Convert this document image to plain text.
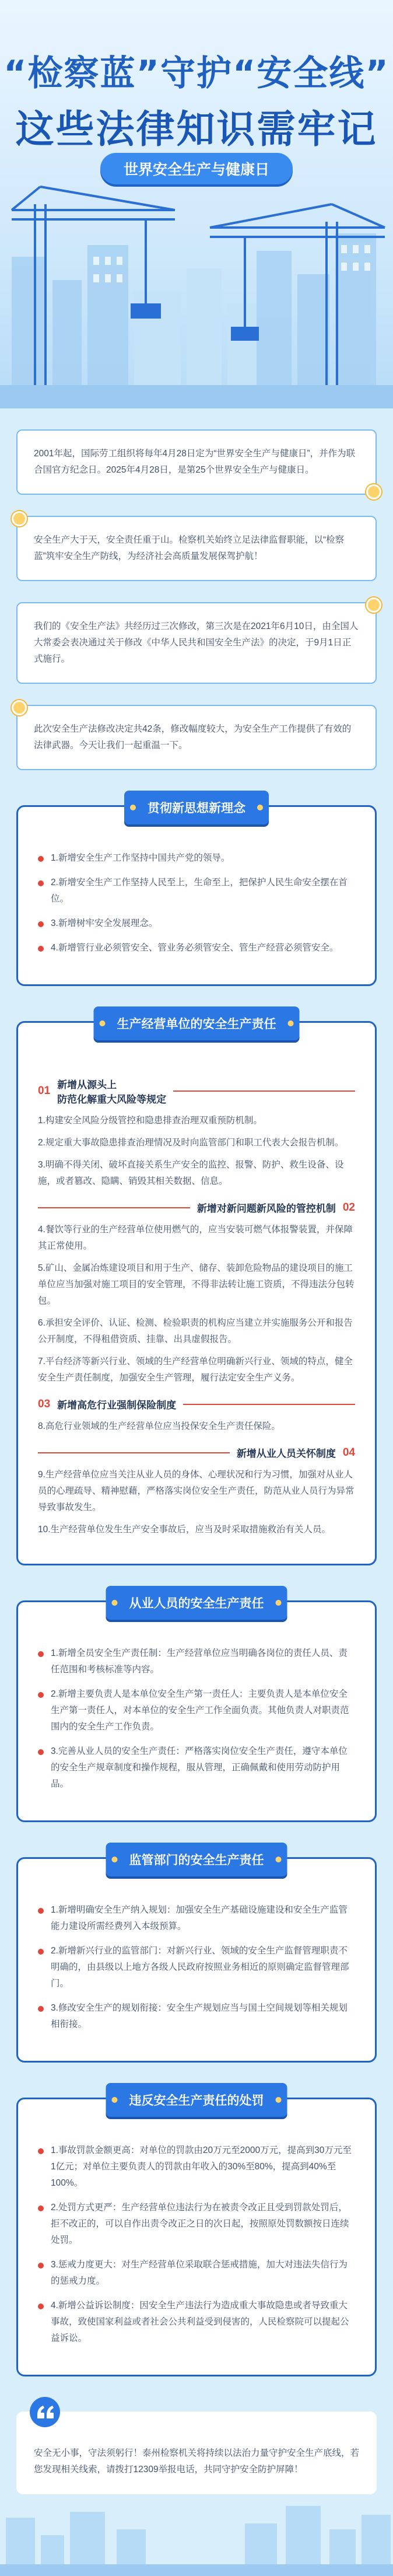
“检察蓝”守护“安全线”
这些法律知识需牢记
世界安全生产与健康日
2001年起，国际劳工组织将每年4月28日定为“世界安全生产与健康日”，并作为联合国官方纪念日。2025年4月28日，是第25个世界安全生产与健康日。
安全生产大于天，安全责任重于山。检察机关始终立足法律监督职能，以“检察蓝”筑牢安全生产防线，为经济社会高质量发展保驾护航！
我们的《安全生产法》共经历过三次修改，第三次是在2021年6月10日，由全国人大常委会表决通过关于修改《中华人民共和国安全生产法》的决定，于9月1日正式施行。
此次安全生产法修改决定共42条，修改幅度较大，为安全生产工作提供了有效的法律武器。今天让我们一起重温一下。
贯彻新思想新理念
1.新增安全生产工作坚持中国共产党的领导。
2.新增安全生产工作坚持人民至上，生命至上，把保护人民生命安全摆在首位。
3.新增树牢安全发展理念。
4.新增管行业必须管安全、管业务必须管安全、管生产经营必须管安全。
生产经营单位的安全生产责任
01 新增从源头上
防范化解重大风险等规定
1.构建安全风险分级管控和隐患排查治理双重预防机制。
2.规定重大事故隐患排查治理情况及时向监管部门和职工代表大会报告机制。
3.明确不得关闭、破坏直接关系生产安全的监控、报警、防护、救生设备、设施，或者篡改、隐瞒、销毁其相关数据、信息。
新增对新问题新风险的管控机制 02
4.餐饮等行业的生产经营单位使用燃气的，应当安装可燃气体报警装置，并保障其正常使用。
5.矿山、金属冶炼建设项目和用于生产、储存、装卸危险物品的建设项目的施工单位应当加强对施工项目的安全管理，不得非法转让施工资质，不得违法分包转包。
6.承担安全评价、认证、检测、检验职责的机构应当建立并实施服务公开和报告公开制度，不得租借资质、挂靠、出具虚假报告。
7.平台经济等新兴行业、领域的生产经营单位明确新兴行业、领域的特点，健全安全生产责任制度，加强安全生产管理，履行法定安全生产义务。
03 新增高危行业强制保险制度
8.高危行业领域的生产经营单位应当投保安全生产责任保险。
新增从业人员关怀制度 04
9.生产经营单位应当关注从业人员的身体、心理状况和行为习惯，加强对从业人员的心理疏导、精神慰藉，严格落实岗位安全生产责任，防范从业人员行为异常导致事故发生。
10.生产经营单位发生生产安全事故后，应当及时采取措施救治有关人员。
从业人员的安全生产责任
1.新增全员安全生产责任制：生产经营单位应当明确各岗位的责任人员、责任范围和考核标准等内容。
2.新增主要负责人是本单位安全生产第一责任人：主要负责人是本单位安全生产第一责任人，对本单位的安全生产工作全面负责。其他负责人对职责范围内的安全生产工作负责。
3.完善从业人员的安全生产责任：严格落实岗位安全生产责任，遵守本单位的安全生产规章制度和操作规程，服从管理，正确佩戴和使用劳动防护用品。
监管部门的安全生产责任
1.新增明确安全生产纳入规划：加强安全生产基础设施建设和安全生产监管能力建设所需经费列入本级预算。
2.新增新兴行业的监管部门：对新兴行业、领域的安全生产监督管理职责不明确的，由县级以上地方各级人民政府按照业务相近的原则确定监督管理部门。
3.修改安全生产的规划衔接：安全生产规划应当与国土空间规划等相关规划相衔接。
违反安全生产责任的处罚
1.事故罚款金额更高：对单位的罚款由20万元至2000万元，提高到30万元至1亿元；对单位主要负责人的罚款由年收入的30%至80%，提高到40%至100%。
2.处罚方式更严：生产经营单位违法行为在被责令改正且受到罚款处罚后，拒不改正的，可以自作出责令改正之日的次日起，按照原处罚数额按日连续处罚。
3.惩戒力度更大：对生产经营单位采取联合惩戒措施，加大对违法失信行为的惩戒力度。
4.新增公益诉讼制度：因安全生产违法行为造成重大事故隐患或者导致重大事故，致使国家利益或者社会公共利益受到侵害的，人民检察院可以提起公益诉讼。
安全无小事，守法须躬行！泰州检察机关将持续以法治力量守护安全生产底线，若您发现相关线索，请拨打12309举报电话，共同守护安全防护屏障！
